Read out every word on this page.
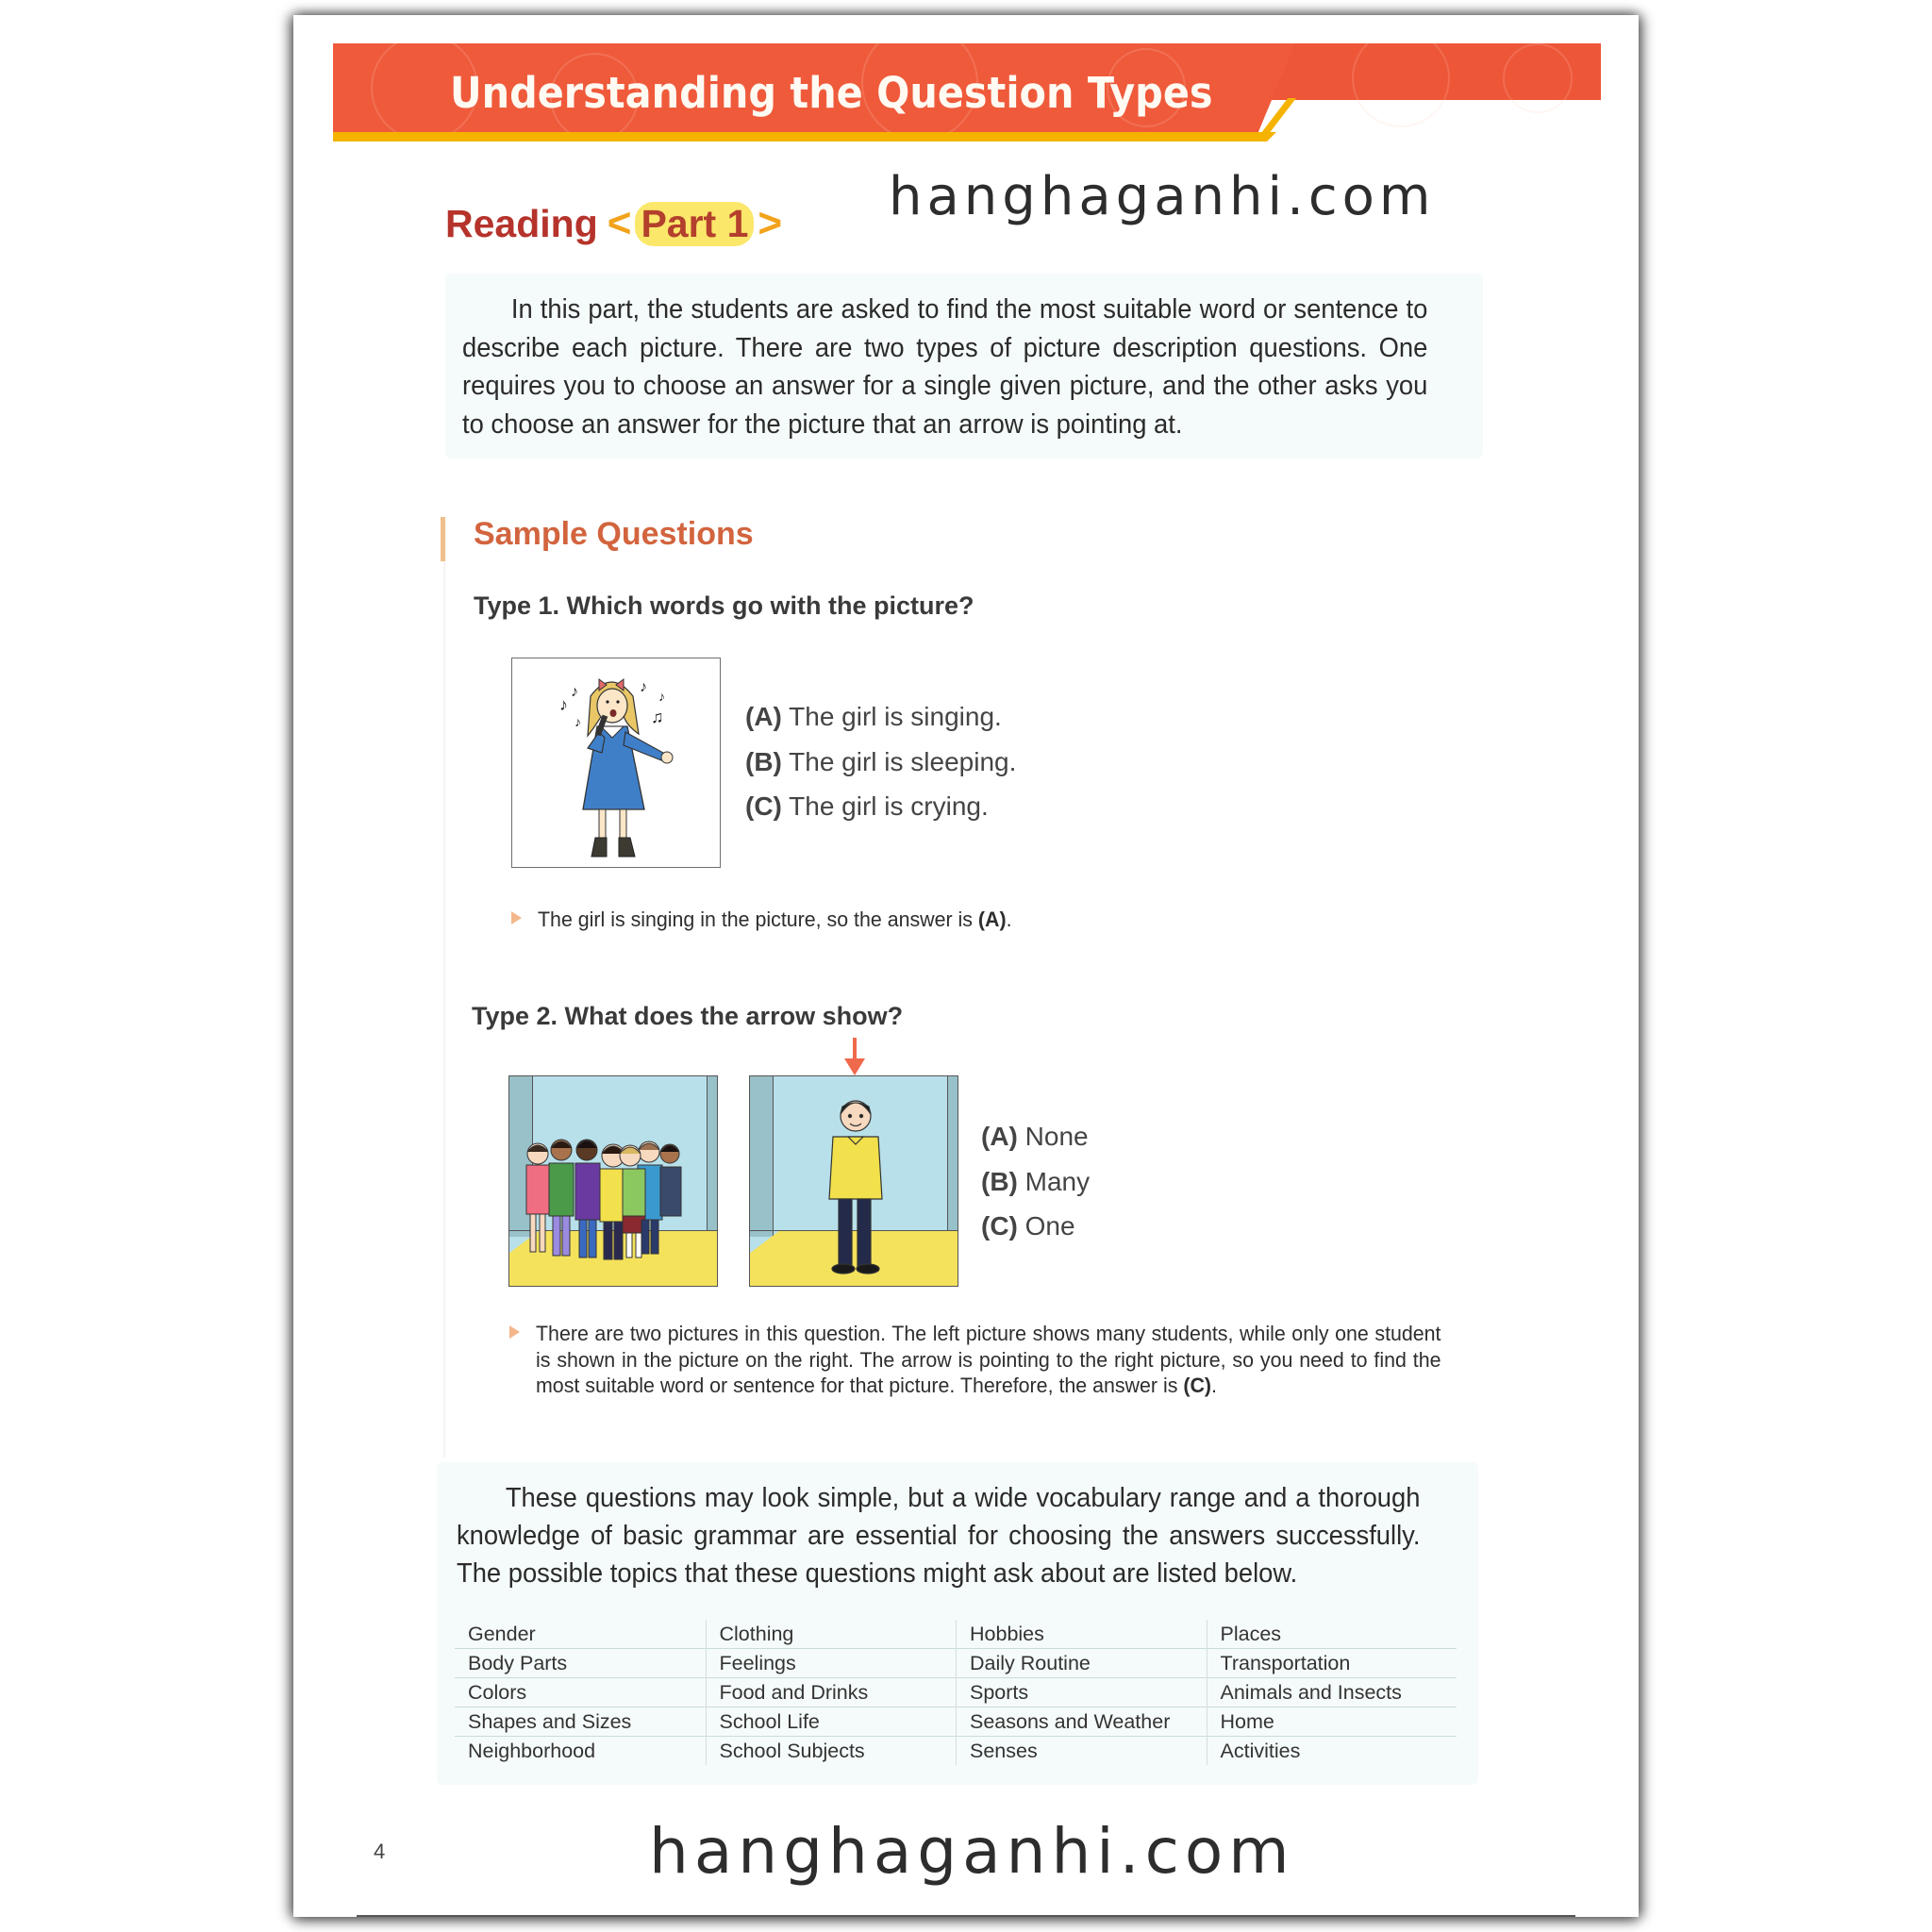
Understanding the Question Types
hanghaganhi.com
Reading < Part 1 >
In this part, the students are asked to find the most suitable word or sentence to describe each picture. There are two types of picture description questions. One requires you to choose an answer for a single given picture, and the other asks you to choose an answer for the picture that an arrow is pointing at.
Sample Questions
Type 1. Which words go with the picture?
♪
♪
♪
♪
♪
♫	(A) The girl is singing.
(B) The girl is sleeping.
(C) The girl is crying.
The girl is singing in the picture, so the answer is (A).
Type 2. What does the arrow show?
(A) None
(B) Many
(C) One
There are two pictures in this question. The left picture shows many students, while only one student is shown in the picture on the right. The arrow is pointing to the right picture, so you need to find the most suitable word or sentence for that picture. Therefore, the answer is (C).
These questions may look simple, but a wide vocabulary range and a thorough knowledge of basic grammar are essential for choosing the answers successfully. The possible topics that these questions might ask about are listed below.
Gender
Body Parts
Colors
Shapes and Sizes
Neighborhood
Clothing
Feelings
Food and Drinks
School Life
School Subjects
Hobbies
Daily Routine
Sports
Seasons and Weather
Senses
Places
Transportation
Animals and Insects
Home
Activities
4	hanghaganhi.com
